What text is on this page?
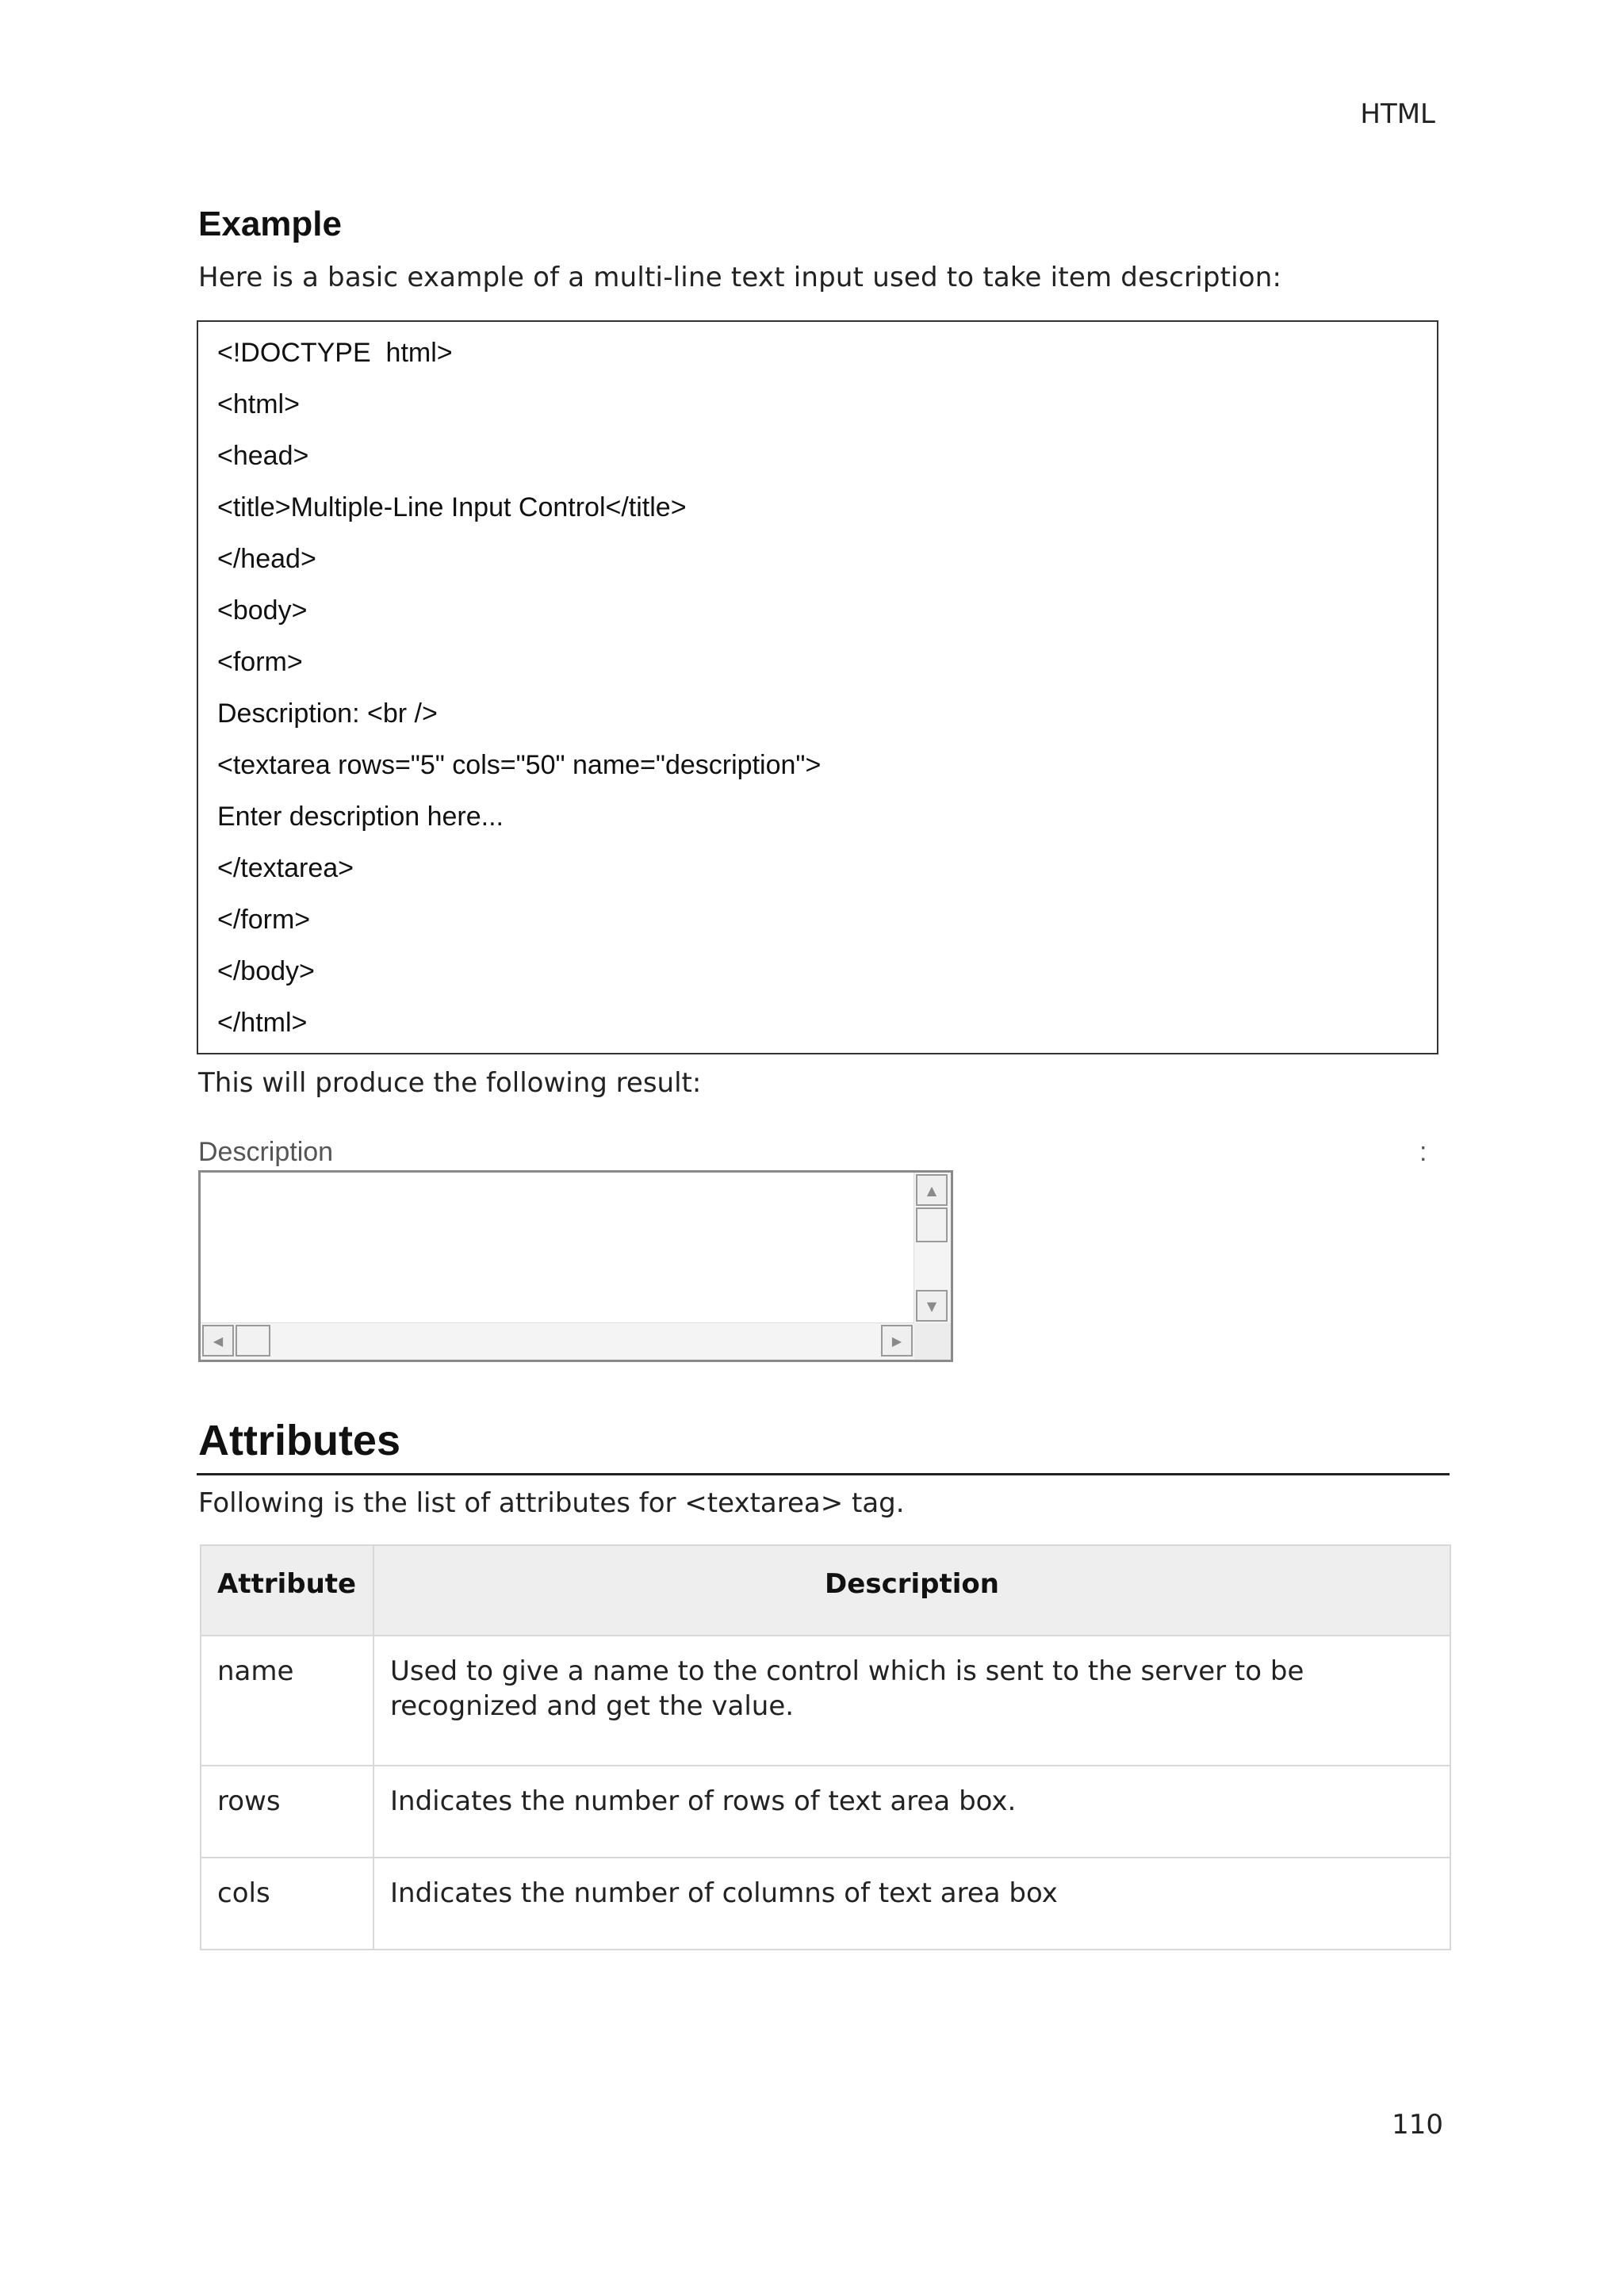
HTML
Example
Here is a basic example of a multi-line text input used to take item description:
<!DOCTYPE  html>
<html>
<head>
<title>Multiple-Line Input Control</title>
</head>
<body>
<form>
Description: <br />
<textarea rows="5" cols="50" name="description">
Enter description here...
</textarea>
</form>
</body>
</html>
This will produce the following result:
Description	:
▲
▼
◀	▶
Attributes
Following is the list of attributes for <textarea> tag.
Attribute	Description
name	Used to give a name to the control which is sent to the server to be recognized and get the value.
rows	Indicates the number of rows of text area box.
cols	Indicates the number of columns of text area box
110
